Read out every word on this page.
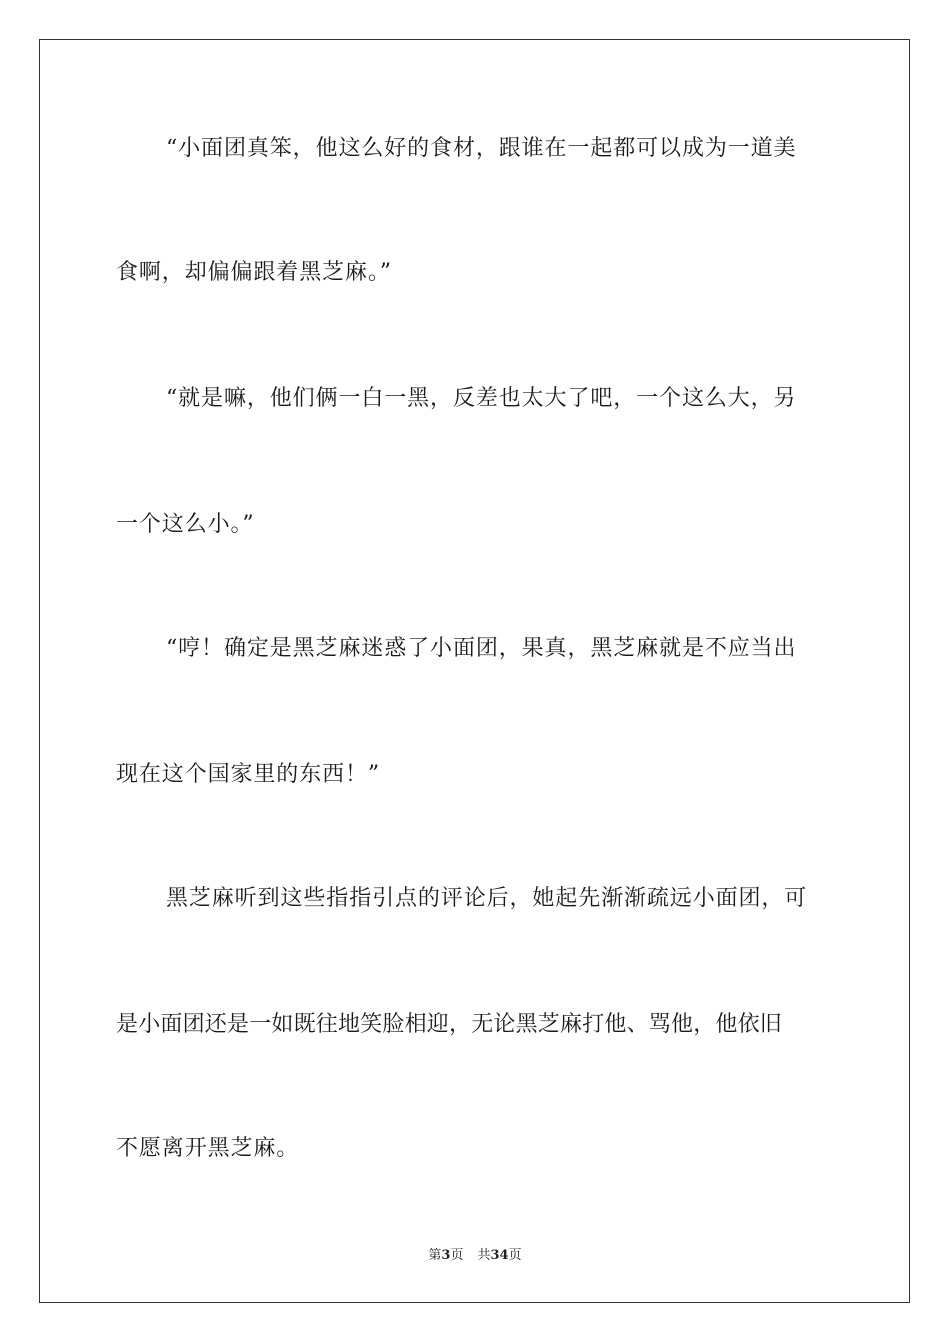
“小面团真笨，他这么好的食材，跟谁在一起都可以成为一道美
食啊，却偏偏跟着黑芝麻。”
“就是嘛，他们俩一白一黑，反差也太大了吧，一个这么大，另
一个这么小。”
“哼！确定是黑芝麻迷惑了小面团，果真，黑芝麻就是不应当出
现在这个国家里的东西！”
黑芝麻听到这些指指引点的评论后，她起先渐渐疏远小面团，可
是小面团还是一如既往地笑脸相迎，无论黑芝麻打他、骂他，他依旧
不愿离开黑芝麻。
第3页 共34页
